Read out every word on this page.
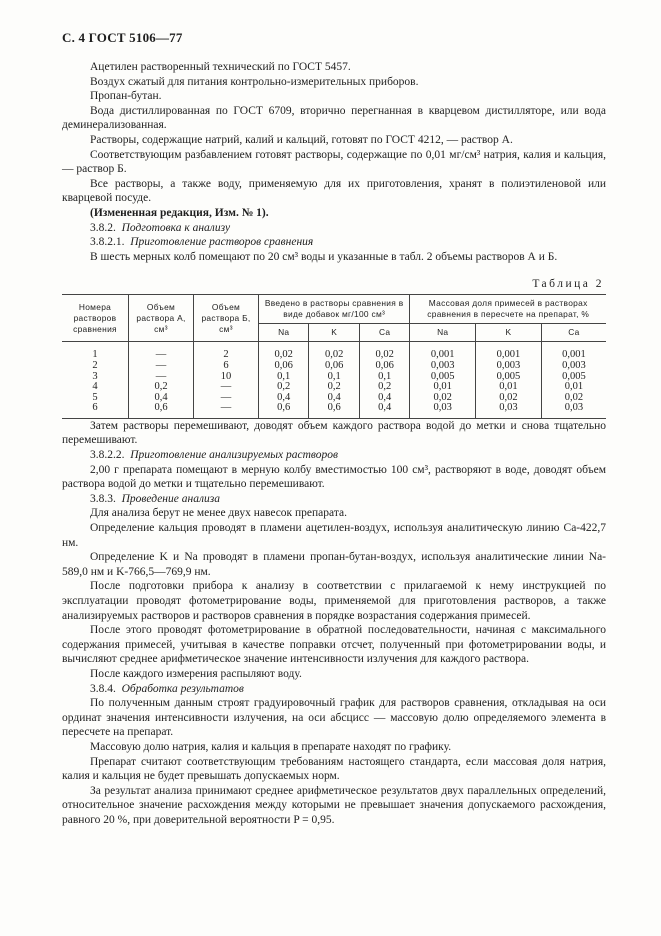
С. 4 ГОСТ 5106—77

Ацетилен растворенный технический по ГОСТ 5457.

Воздух сжатый для питания контрольно-измерительных приборов.

Пропан-бутан.

Вода дистиллированная по ГОСТ 6709, вторично перегнанная в кварцевом дистилляторе, или вода деминерализованная.

Растворы, содержащие натрий, калий и кальций, готовят по ГОСТ 4212, — раствор А.

Соответствующим разбавлением готовят растворы, содержащие по 0,01 мг/см³ натрия, калия и кальция, — раствор Б.

Все растворы, а также воду, применяемую для их приготовления, хранят в полиэтиленовой или кварцевой посуде.

(Измененная редакция, Изм. № 1).

3.8.2. Подготовка к анализу

3.8.2.1. Приготовление растворов сравнения

В шесть мерных колб помещают по 20 см³ воды и указанные в табл. 2 объемы растворов А и Б.

Таблица 2
Номера растворов сравнения	Объем раствора А, см³	Объем раствора Б, см³	Введено в растворы сравнения в виде добавок мг/100 см³			Массовая доля примесей в растворах сравнения в пересчете на препарат, %		
			Na	K	Ca	Na	K	Ca
1	—	2	0,02	0,02	0,02	0,001	0,001	0,001
2	—	6	0,06	0,06	0,06	0,003	0,003	0,003
3	—	10	0,1	0,1	0,1	0,005	0,005	0,005
4	0,2	—	0,2	0,2	0,2	0,01	0,01	0,01
5	0,4	—	0,4	0,4	0,4	0,02	0,02	0,02
6	0,6	—	0,6	0,6	0,4	0,03	0,03	0,03

Затем растворы перемешивают, доводят объем каждого раствора водой до метки и снова тщательно перемешивают.

3.8.2.2. Приготовление анализируемых растворов

2,00 г препарата помещают в мерную колбу вместимостью 100 см³, растворяют в воде, доводят объем раствора водой до метки и тщательно перемешивают.

3.8.3. Проведение анализа

Для анализа берут не менее двух навесок препарата.

Определение кальция проводят в пламени ацетилен-воздух, используя аналитическую линию Ca-422,7 нм.

Определение K и Na проводят в пламени пропан-бутан-воздух, используя аналитические линии Na-589,0 нм и K-766,5—769,9 нм.

После подготовки прибора к анализу в соответствии с прилагаемой к нему инструкцией по эксплуатации проводят фотометрирование воды, применяемой для приготовления растворов, а также анализируемых растворов и растворов сравнения в порядке возрастания содержания примесей.

После этого проводят фотометрирование в обратной последовательности, начиная с максимального содержания примесей, учитывая в качестве поправки отсчет, полученный при фотометрировании воды, и вычисляют среднее арифметическое значение интенсивности излучения для каждого раствора.

После каждого измерения распыляют воду.

3.8.4. Обработка результатов

По полученным данным строят градуировочный график для растворов сравнения, откладывая на оси ординат значения интенсивности излучения, на оси абсцисс — массовую долю определяемого элемента в пересчете на препарат.

Массовую долю натрия, калия и кальция в препарате находят по графику.

Препарат считают соответствующим требованиям настоящего стандарта, если массовая доля натрия, калия и кальция не будет превышать допускаемых норм.

За результат анализа принимают среднее арифметическое результатов двух параллельных определений, относительное значение расхождения между которыми не превышает значения допускаемого расхождения, равного 20 %, при доверительной вероятности P = 0,95.
